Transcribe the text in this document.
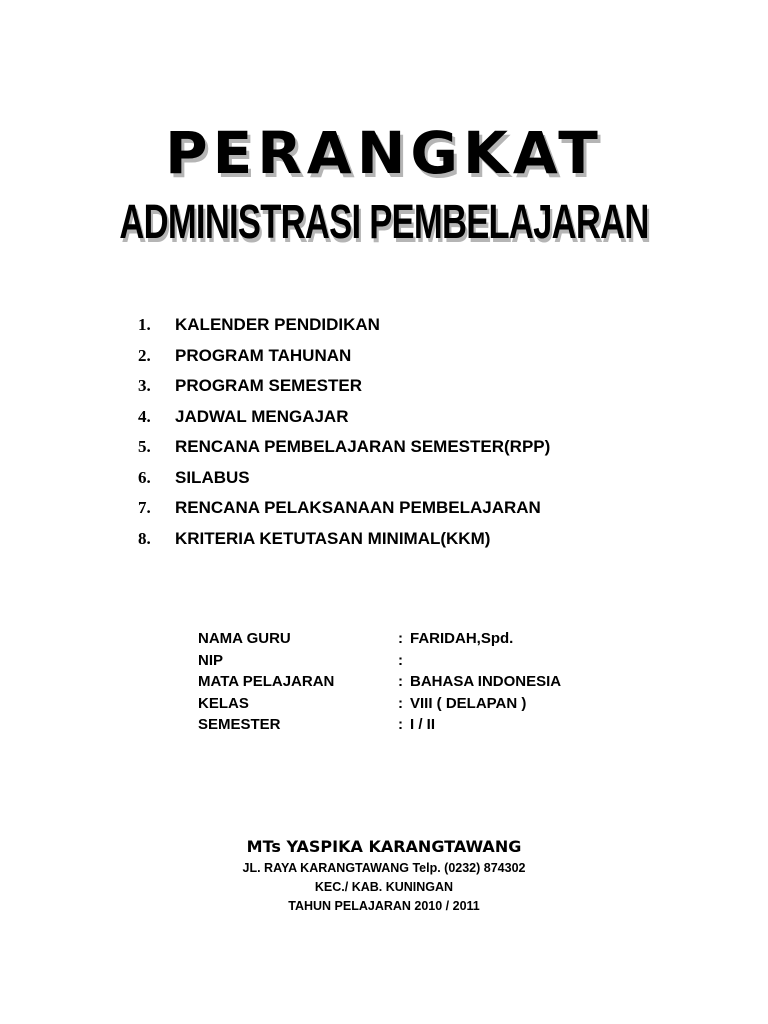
PERANGKAT
ADMINISTRASI PEMBELAJARAN
1. KALENDER PENDIDIKAN
2. PROGRAM TAHUNAN
3. PROGRAM SEMESTER
4. JADWAL MENGAJAR
5. RENCANA PEMBELAJARAN SEMESTER(RPP)
6. SILABUS
7. RENCANA PELAKSANAAN PEMBELAJARAN
8. KRITERIA KETUTASAN MINIMAL(KKM)
NAMA GURU	: FARIDAH,Spd.
NIP	:
MATA PELAJARAN	: BAHASA INDONESIA
KELAS	: VIII ( DELAPAN )
SEMESTER	: I / II
MTs YASPIKA KARANGTAWANG
JL. RAYA KARANGTAWANG Telp. (0232) 874302
KEC./ KAB. KUNINGAN
TAHUN PELAJARAN 2010 / 2011
